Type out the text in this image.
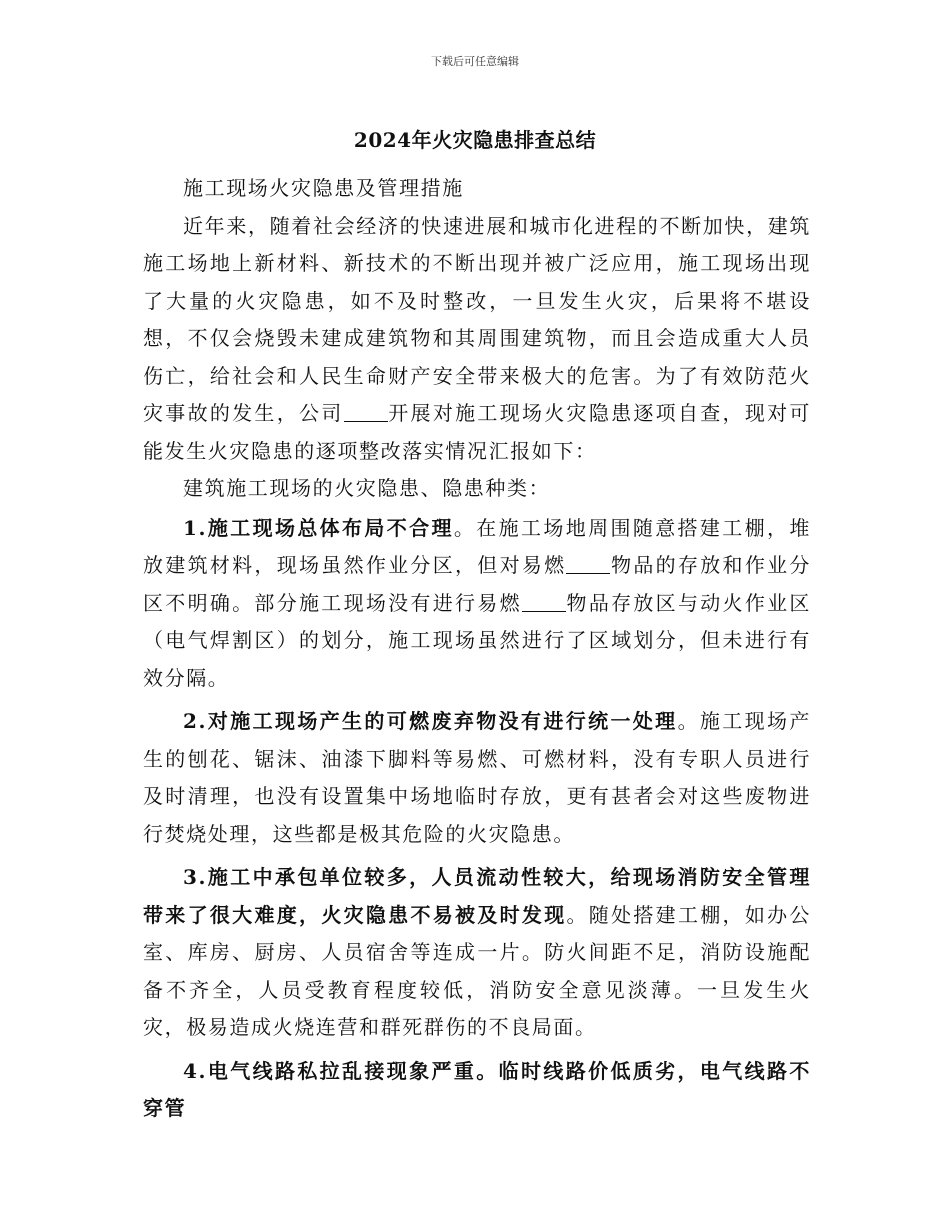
下载后可任意编辑
2024年火灾隐患排查总结

施工现场火灾隐患及管理措施

近年来，随着社会经济的快速进展和城市化进程的不断加快，建筑施工场地上新材料、新技术的不断出现并被广泛应用，施工现场出现了大量的火灾隐患，如不及时整改，一旦发生火灾，后果将不堪设想，不仅会烧毁未建成建筑物和其周围建筑物，而且会造成重大人员伤亡，给社会和人民生命财产安全带来极大的危害。为了有效防范火灾事故的发生，公司 开展对施工现场火灾隐患逐项自查，现对可能发生火灾隐患的逐项整改落实情况汇报如下：

建筑施工现场的火灾隐患、隐患种类：

1.施工现场总体布局不合理。在施工场地周围随意搭建工棚，堆放建筑材料，现场虽然作业分区，但对易燃 物品的存放和作业分区不明确。部分施工现场没有进行易燃 物品存放区与动火作业区（电气焊割区）的划分，施工现场虽然进行了区域划分，但未进行有效分隔。

2.对施工现场产生的可燃废弃物没有进行统一处理。施工现场产生的刨花、锯沫、油漆下脚料等易燃、可燃材料，没有专职人员进行及时清理，也没有设置集中场地临时存放，更有甚者会对这些废物进行焚烧处理，这些都是极其危险的火灾隐患。

3.施工中承包单位较多，人员流动性较大，给现场消防安全管理带来了很大难度，火灾隐患不易被及时发现。随处搭建工棚，如办公室、库房、厨房、人员宿舍等连成一片。防火间距不足，消防设施配备不齐全，人员受教育程度较低，消防安全意见淡薄。一旦发生火灾，极易造成火烧连营和群死群伤的不良局面。

4.电气线路私拉乱接现象严重。临时线路价低质劣，电气线路不穿管
